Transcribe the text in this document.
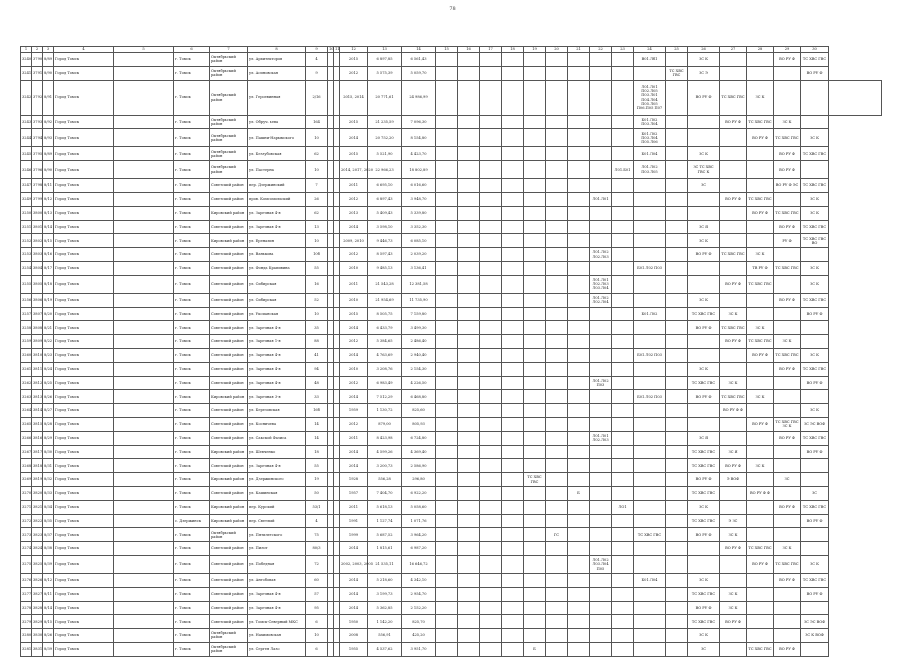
78
1	2	3	4	5	6	7	8	9	10	11	12	13	14	15	16	17	18	19	20	21	22	23	24	25	26	27	28	29	30	
3240	3790	8/89	Город Томск		г. Томск	Октябрьский район	ул. Архитекторов	4			2015	6 897,85	6 561,43										В01.Лб1		ЗС К			ВО РУ Ф	ТС ХВС ГВС	
3241	3791	8/90	Город Томск		г. Томск	Октябрьский район	ул. Асиновская	9			2012	5 575,39	5 059,70											ТС ХВС ГВС	ЗС Э				ВО РУ Ф	
3242	3792	8/91	Город Томск		г. Томск	Октябрьский район	ул. Героевинная	2/16			2015, 2014	20 771,61	24 986,99										Л01.Л01 П02.Л05 П03.Л01 П04.Л04 П05.Л05 П06.П05 П07		ВО РУ Ф	ТС ХВС ГВС	ЗС К			
3243	3793	8/92	Город Томск		г. Томск	Октябрьский район	ул. Обруч. ьева	164			2015	21 235,59	7 096,30										Б01.Л02 П03.Л04			ВО РУ Ф	ТС ХВС ГВС	ЗС К		
3244	3794	8/93	Город Томск		г. Томск	Октябрьский район	ул. Пашни-Нарымского	10			2014	20 752,20	8 154,80										Б01.Л02 П03.Л04 П05.Л06				ВО РУ Ф	ТС ХВС ГВС	ЗС К	
3245	3795	8/89	Город Томск		г. Томск	Октябрьский район	ул. Беззубовская	62			2015	5 521,90	4 423,70										Б01.Л04		ЗС К			ВО РУ Ф	ТС ХВС ГВС	
3246	3796	8/90	Город Томск		г. Томск	Октябрьский район	ул. Пастерна	10			2014, 2017, 2020	22 966,23	18 802,89									Л01.Б01	Л01.Л02 П03.Л05		ЗС ТС ХВС ГВС К			ВО РУ Ф		
3247	3798	8/11	Город Томск		г. Томск	Советский район	пер. Дзержинский	7			2011	6 695,10	6 016,60												ЗС			ВО РУ Ф ЭС	ТС ХВС ГВС	
3249	3799	8/12	Город Томск		г. Томск	Советский район	пров. Комсомольский	26			2012	6 897,43	3 948,70								Л01.Л01					ВО РУ Ф	ТС ХВС ГВС		ЗС К	
3250	3800	8/13	Город Томск		г. Томск	Кировский район	ул. Заречная 4-я	62			2013	5 409,43	5 339,80														ВО РУ Ф	ТС ХВС ГВС	ЗС К	
3251	3801	8/14	Город Томск		г. Томск	Советский район	ул. Заречная 4-я	13			2014	3 598,10	3 352,30												ЗС Я			ВО РУ Ф	ТС ХВС ГВС	
3252	3802	8/15	Город Томск		г. Томск	Кировский район	ул. Ереназин	10			2009, 2010	9 446,73	6 085,10												ЗС К			РУ Ф	ТС ХВС ГВС ВО	
3253	3803	8/16	Город Томск		г. Томск	Советский район	ул. Ванькова	10б			2012	8 597,43	2 039,20								Л01.Л02 Л02.Л03				ВО РУ Ф	ТС ХВС ГВС	ЗС К			
3254	3804	8/17	Город Томск		г. Томск	Советский район	ул. Фонда Крапивина	55			2010	9 485,13	3 136,41										Б01.Л02 П03				ТВ РУ Ф	ТС ХВС ГВС	ЗС К	
3255	3805	8/18	Город Томск		г. Томск	Советский район	ул. Сибирская	16			2011	21 543,28	12 381,58								Л01.Л01 Л02.Л03 Л03.Л04					ВО РУ Ф	ТС ХВС ГВС		ЗС К	
3256	3806	8/19	Город Томск		г. Томск	Советский район	ул. Сибирская	52			2010	21 954,69	11 735,90								Л01.Л02 Л02.Л04				ЗС К			ВО РУ Ф	ТС ХВС ГВС	
3257	3807	8/20	Город Томск		г. Томск	Советский район	ул. Уксианская	10			2015	8 505,75	7 159,80										Б01.Л02		ТС ХВС ГВС	ЗС К			ВО РУ Ф	
3258	3808	8/21	Город Томск		г. Томск	Советский район	ул. Заречная 4-я	35			2014	6 433,79	3 499,30												ВО РУ Ф	ТС ХВС ГВС	ЗС К			
3259	3809	8/22	Город Томск		г. Томск	Советский район	ул. Заречная 1-я	88			2012	5 384,65	2 486,40													ВО РУ Ф	ТС ХВС ГВС	ЗС К		
3260	3810	8/23	Город Томск		г. Томск	Советский район	ул. Заречная 4-я	41			2014	4 763,69	2 940,40										Б01.Л02 П03				ВО РУ Ф	ТС ХВС ГВС	ЗС К	
3261	3811	8/24	Город Томск		г. Томск	Советский район	ул. Заречная 4-я	94			2010	3 208,76	2 154,30												ЗС К			ВО РУ Ф	ТС ХВС ГВС	
3262	3812	8/25	Город Томск		г. Томск	Советский район	ул. Заречная 4-я	48			2012	6 983,49	4 226,50								Л01.Л02 П03				ТС ХВС ГВС	ЗС К			ВО РУ Ф	
3263	3813	8/26	Город Томск		г. Томск	Кировский район	ул. Заречная 3-я	33			2014	7 512,29	6 468,80										Б01.Л02 П03		ВО РУ Ф	ТС ХВС ГВС	ЗС К			
3264	3814	8/27	Город Томск		г. Томск	Советский район	ул. Березовская	16б			1959	1 130,72	825,60													ВО РУ Ф Ф			ЗС К	
3265	3815	8/28	Город Томск		г. Томск	Советский район	ул. Косничева	14			2012	879,00	805,93														ВО РУ Ф	ТС ХВС ГВС ЗС К	ЗС ЭС ВОФ	
3266	3816	8/29	Город Томск		г. Томск	Советский район	ул. Сакской Фазиса	14			2011	8 423,98	6 724,80								Л01.Л01 Л02.Л03				ЗС Я			ВО РУ Ф	ТС ХВС ГВС	
3267	3817	8/30	Город Томск		г. Томск	Кировский район	ул. Шевченко	18			2014	4 599,26	4 369,40												ТС ХВС ГВС	ЗС Я			ВО РУ Ф	
3268	3818	8/31	Город Томск		г. Томск	Советский район	ул. Заречная 4-я	55			2014	3 200,73	2 586,90												ТС ХВС ГВС	ВО РУ Ф	ЗС К			
3269	3819	8/32	Город Томск		г. Томск	Кировский район	ул. Дзержинского	19			1928	556,28	296,80					ТС ХВС ГВС							ВО РУ Ф	Э ВОФ		ЗС		
3270	3820	8/33	Город Томск		г. Томск	Советский район	ул. Кашинская	50			1957	7 404,70	6 922,20							Б					ТС ХВС ГВС		ВО РУ Ф Ф		ЗС	
3271	3821	8/34	Город Томск		г. Томск	Кировский район	пер. Курский	53/1			2011	5 618,13	5 058,60									ЛО1			ЗС К			ВО РУ Ф	ТС ХВС ГВС	
3272	3822	8/35	Город Томск		с. Дзержинск	Кировский район	пер. Светлый	4			1991	1 127,74	1 071,76												ТС ХВС ГВС	Э ЗС			ВО РУ Ф	
3273	3823	8/37	Город Томск		г. Томск	Октябрьский район	ул. Пятилетского	75			1999	5 687,52	3 964,20						ГС				ТС ХВС ГВС		ВО РУ Ф	ЗС К				
3274	3824	8/38	Город Томск		г. Томск	Советский район	ул. Пилот	80/3			2014	1 815,61	6 987,20													ВО РУ Ф	ТС ХВС ГВС	ЗС К		
3275	3825	8/39	Город Томск		г. Томск	Советский район	ул. Победная	72			2002, 2003, 2005	21 535,11	16 646,72								Л01.Л02 Л03.Л04 П05						ВО РУ Ф	ТС ХВС ГВС	ЗС К	
3276	3826	8/12	Город Томск		г. Томск	Советский район	ул. Ангобовая	60			2014	5 218,60	4 342,10										Б01.Л04		ЗС К			ВО РУ Ф	ТС ХВС ГВС	
3277	3827	8/11	Город Томск		г. Томск	Советский район	ул. Заречная 4-я	57			2014	3 199,73	2 954,70												ТС ХВС ГВС	ЗС К			ВО РУ Ф	
3278	3828	8/14	Город Томск		г. Томск	Советский район	ул. Заречная 4-я	95			2014	5 362,85	2 152,20												ВО РУ Ф	ЗС К				
3279	3829	8/15	Город Томск		г. Томск	Советский район	ул. Томск-Северный МКС	6			1950	1 142,20	825,70												ТС ХВС ГВС	ВО РУ Ф			ЗС ЭС ВОФ	
3280	3830	8/26	Город Томск		г. Томск	Октябрьский район	ул. Нахимовская	10			2008	556,91	425,20												ЗС К				ЗС К ВОФ	
3281	3831	8/39	Город Томск		г. Томск	Октябрьский район	ул. Сергея Лазо	6			1955	4 537,62	3 951,70					Б							ЗС		ТС ХВС ГВС	ВО РУ Ф		
